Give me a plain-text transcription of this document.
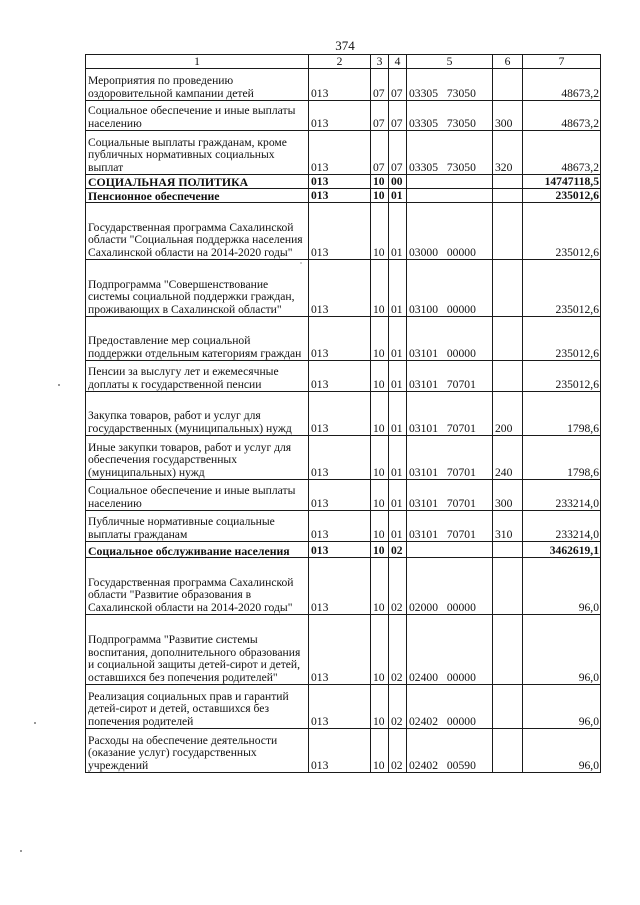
374
1	2	3	4	5	6	7
Мероприятия по проведению оздоровительной кампании детей	013	07	07	03305 73050		48673,2
Социальное обеспечение и иные выплаты населению	013	07	07	03305 73050	300	48673,2
Социальные выплаты гражданам, кроме публичных нормативных социальных выплат	013	07	07	03305 73050	320	48673,2
СОЦИАЛЬНАЯ ПОЛИТИКА	013	10	00			14747118,5
Пенсионное обеспечение	013	10	01			235012,6
Государственная программа Сахалинской области "Социальная поддержка населения Сахалинской области на 2014-2020 годы"	013	10	01	03000 00000		235012,6
Подпрограмма "Совершенствование системы социальной поддержки граждан, проживающих в Сахалинской области"	013	10	01	03100 00000		235012,6
Предоставление мер социальной поддержки отдельным категориям граждан	013	10	01	03101 00000		235012,6
Пенсии за выслугу лет и ежемесячные доплаты к государственной пенсии	013	10	01	03101 70701		235012,6
Закупка товаров, работ и услуг для государственных (муниципальных) нужд	013	10	01	03101 70701	200	1798,6
Иные закупки товаров, работ и услуг для обеспечения государственных (муниципальных) нужд	013	10	01	03101 70701	240	1798,6
Социальное обеспечение и иные выплаты населению	013	10	01	03101 70701	300	233214,0
Публичные нормативные социальные выплаты гражданам	013	10	01	03101 70701	310	233214,0
Социальное обслуживание населения	013	10	02			3462619,1
Государственная программа Сахалинской области "Развитие образования в Сахалинской области на 2014-2020 годы"	013	10	02	02000 00000		96,0
Подпрограмма "Развитие системы воспитания, дополнительного образования и социальной защиты детей-сирот и детей, оставшихся без попечения родителей"	013	10	02	02400 00000		96,0
Реализация социальных прав и гарантий детей-сирот и детей, оставшихся без попечения родителей	013	10	02	02402 00000		96,0
Расходы на обеспечение деятельности (оказание услуг) государственных учреждений	013	10	02	02402 00590		96,0
